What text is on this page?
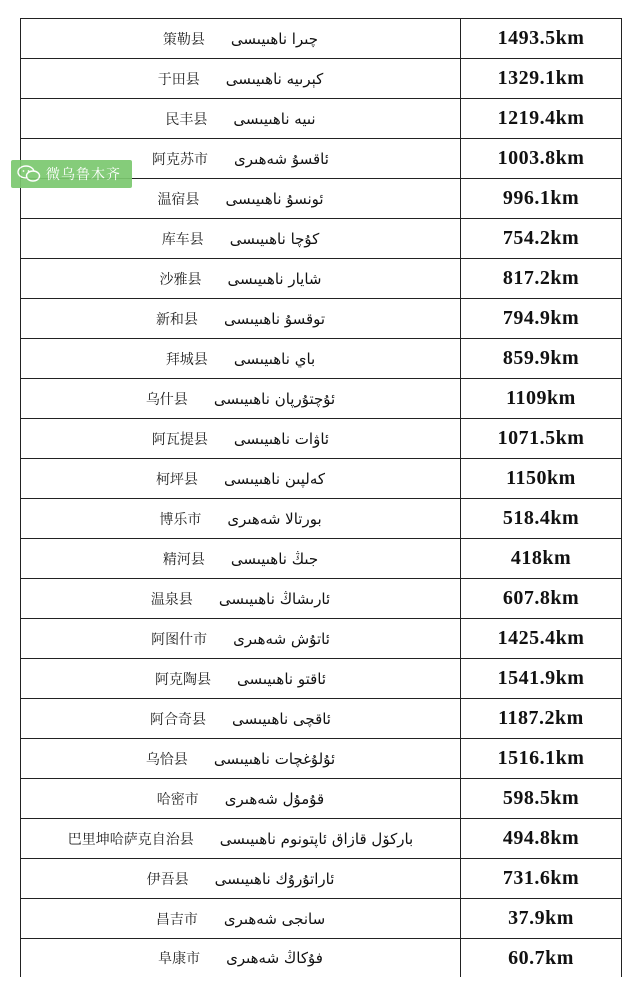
策勒县 چىرا ناھىيىسى	1493.5km
于田县 كېرىيە ناھىيىسى	1329.1km
民丰县 نىيە ناھىيىسى	1219.4km
阿克苏市 ئاقسۇ شەھىرى	1003.8km
温宿县 ئونسۇ ناھىيىسى	996.1km
库车县 كۇچا ناھىيىسى	754.2km
沙雅县 شايار ناھىيىسى	817.2km
新和县 توقسۇ ناھىيىسى	794.9km
拜城县 باي ناھىيىسى	859.9km
乌什县 ئۇچتۇرپان ناھىيىسى	1109km
阿瓦提县 ئاۋات ناھىيىسى	1071.5km
柯坪县 كەلپىن ناھىيىسى	1150km
博乐市 بورتالا شەھىرى	518.4km
精河县 جىڭ ناھىيىسى	418km
温泉县 ئارىشاڭ ناھىيىسى	607.8km
阿图什市 ئاتۇش شەھىرى	1425.4km
阿克陶县 ئاقتو ناھىيىسى	1541.9km
阿合奇县 ئاقچى ناھىيىسى	1187.2km
乌恰县 ئۇلۇغچات ناھىيىسى	1516.1km
哈密市 قۇمۇل شەھىرى	598.5km
巴里坤哈萨克自治县 باركۆل قازاق ئاپتونوم ناھىيىسى	494.8km
伊吾县 ئاراتۇرۇك ناھىيىسى	731.6km
昌吉市 سانجى شەھىرى	37.9km
阜康市 فۇكاڭ شەھىرى	60.7km
微乌鲁木齐
